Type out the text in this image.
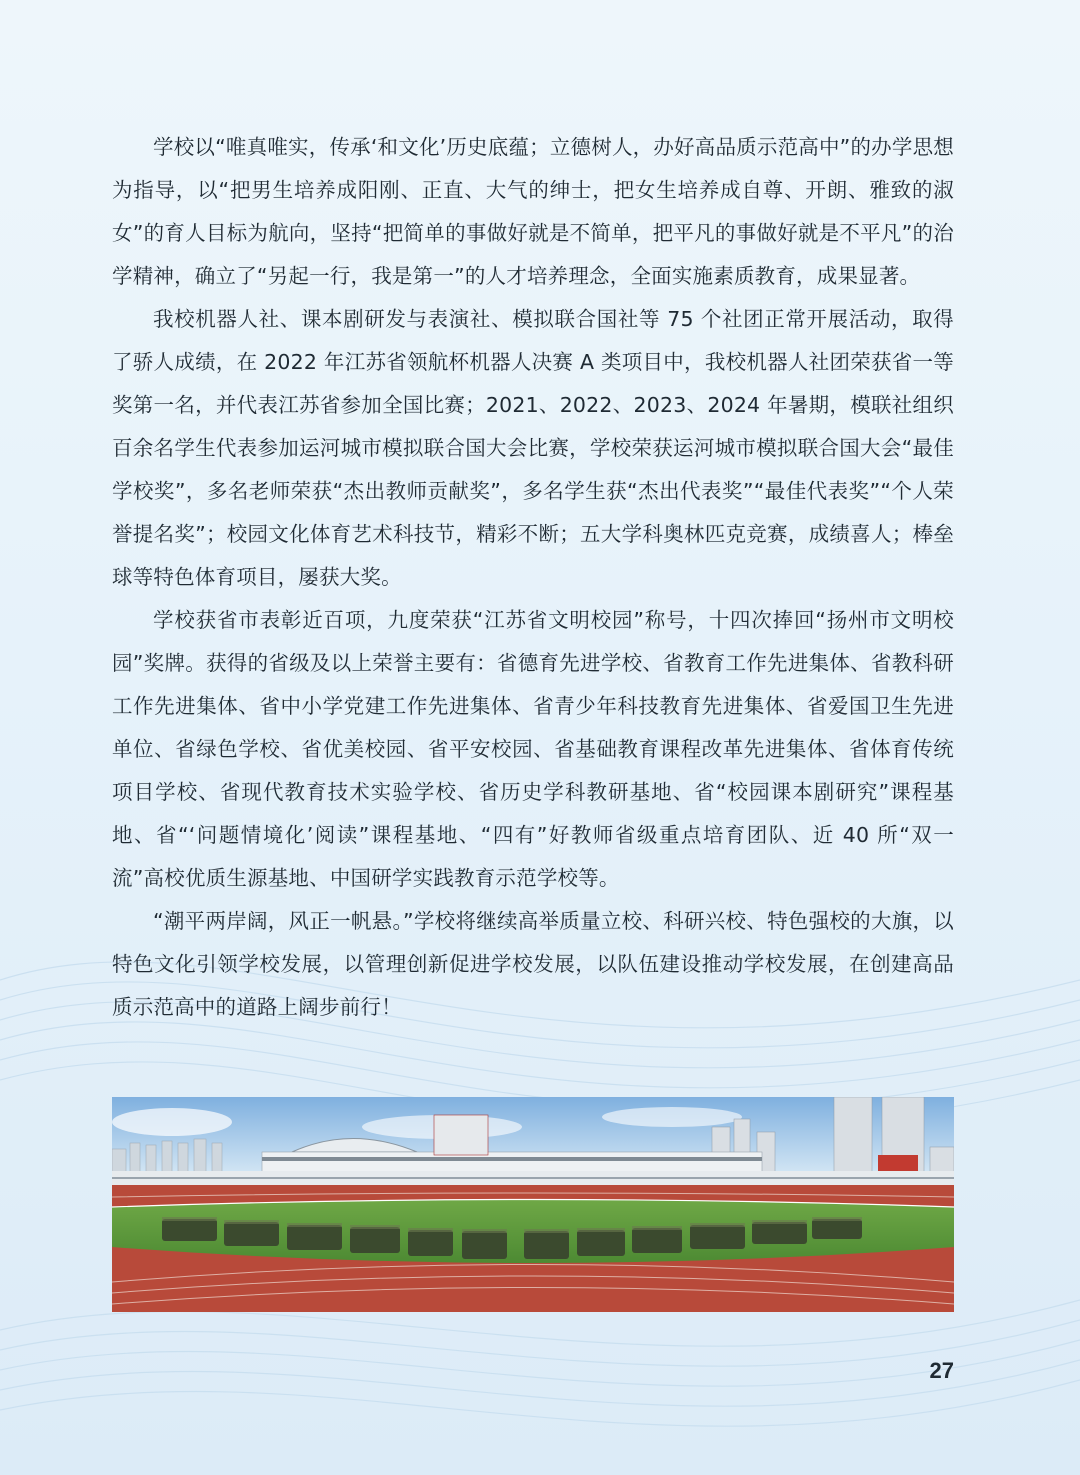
学校以“唯真唯实，传承‘和文化’历史底蕴；立德树人，办好高品质示范高中”的办学思想为指导，以“把男生培养成阳刚、正直、大气的绅士，把女生培养成自尊、开朗、雅致的淑女”的育人目标为航向，坚持“把简单的事做好就是不简单，把平凡的事做好就是不平凡”的治学精神，确立了“另起一行，我是第一”的人才培养理念，全面实施素质教育，成果显著。

我校机器人社、课本剧研发与表演社、模拟联合国社等 75 个社团正常开展活动，取得了骄人成绩，在 2022 年江苏省领航杯机器人决赛 A 类项目中，我校机器人社团荣获省一等奖第一名，并代表江苏省参加全国比赛；2021、2022、2023、2024 年暑期，模联社组织百余名学生代表参加运河城市模拟联合国大会比赛，学校荣获运河城市模拟联合国大会“最佳学校奖”，多名老师荣获“杰出教师贡献奖”，多名学生获“杰出代表奖”“最佳代表奖”“个人荣誉提名奖”；校园文化体育艺术科技节，精彩不断；五大学科奥林匹克竞赛，成绩喜人；棒垒球等特色体育项目，屡获大奖。

学校获省市表彰近百项，九度荣获“江苏省文明校园”称号，十四次捧回“扬州市文明校园”奖牌。获得的省级及以上荣誉主要有：省德育先进学校、省教育工作先进集体、省教科研工作先进集体、省中小学党建工作先进集体、省青少年科技教育先进集体、省爱国卫生先进单位、省绿色学校、省优美校园、省平安校园、省基础教育课程改革先进集体、省体育传统项目学校、省现代教育技术实验学校、省历史学科教研基地、省“校园课本剧研究”课程基地、省“‘问题情境化’阅读”课程基地、“四有”好教师省级重点培育团队、近 40 所“双一流”高校优质生源基地、中国研学实践教育示范学校等。

“潮平两岸阔，风正一帆悬。”学校将继续高举质量立校、科研兴校、特色强校的大旗，以特色文化引领学校发展，以管理创新促进学校发展，以队伍建设推动学校发展，在创建高品质示范高中的道路上阔步前行！

27
